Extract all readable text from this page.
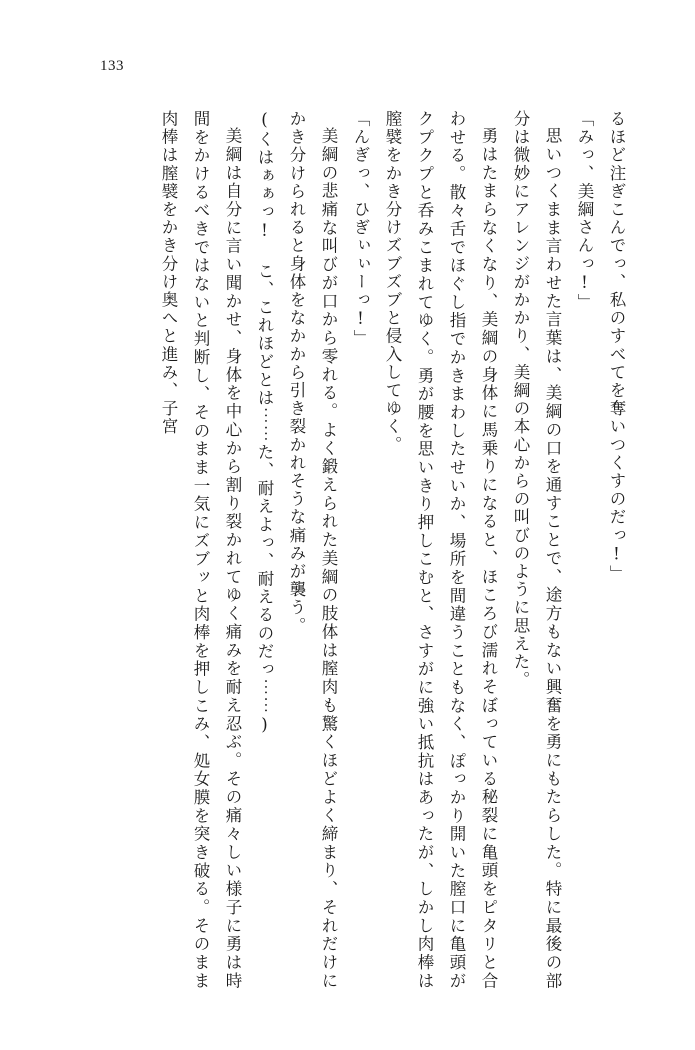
133

るほど注ぎこんでっ、私のすべてを奪いつくすのだっ!」

「みっ、美綱さんっ!」

思いつくまま言わせた言葉は、美綱の口を通すことで、途方もない興奮を勇にもたらした。特に最後の部分は微妙にアレンジがかかり、美綱の本心からの叫びのように思えた。

勇はたまらなくなり、美綱の身体に馬乗りになると、ほころび濡れそぼっている秘裂に亀頭をピタリと合わせる。散々舌でほぐし指でかきまわしたせいか、場所を間違うこともなく、ぽっかり開いた膣口に亀頭がクプクプと呑みこまれてゆく。勇が腰を思いきり押しこむと、さすがに強い抵抗はあったが、しかし肉棒は膣襞をかき分けズブズブと侵入してゆく。

「んぎっ、ひぎぃぃーっ!」

美綱の悲痛な叫びが口から零れる。よく鍛えられた美綱の肢体は膣肉も驚くほどよく締まり、それだけにかき分けられると身体をなかから引き裂かれそうな痛みが襲う。

(くはぁぁっ! こ、これほどとは⋯⋯た、耐えよっ、耐えるのだっ⋯⋯)

美綱は自分に言い聞かせ、身体を中心から割り裂かれてゆく痛みを耐え忍ぶ。その痛々しい様子に勇は時間をかけるべきではないと判断し、そのまま一気にズブッと肉棒を押しこみ、処女膜を突き破る。そのまま肉棒は膣襞をかき分け奥へと進み、子宮
